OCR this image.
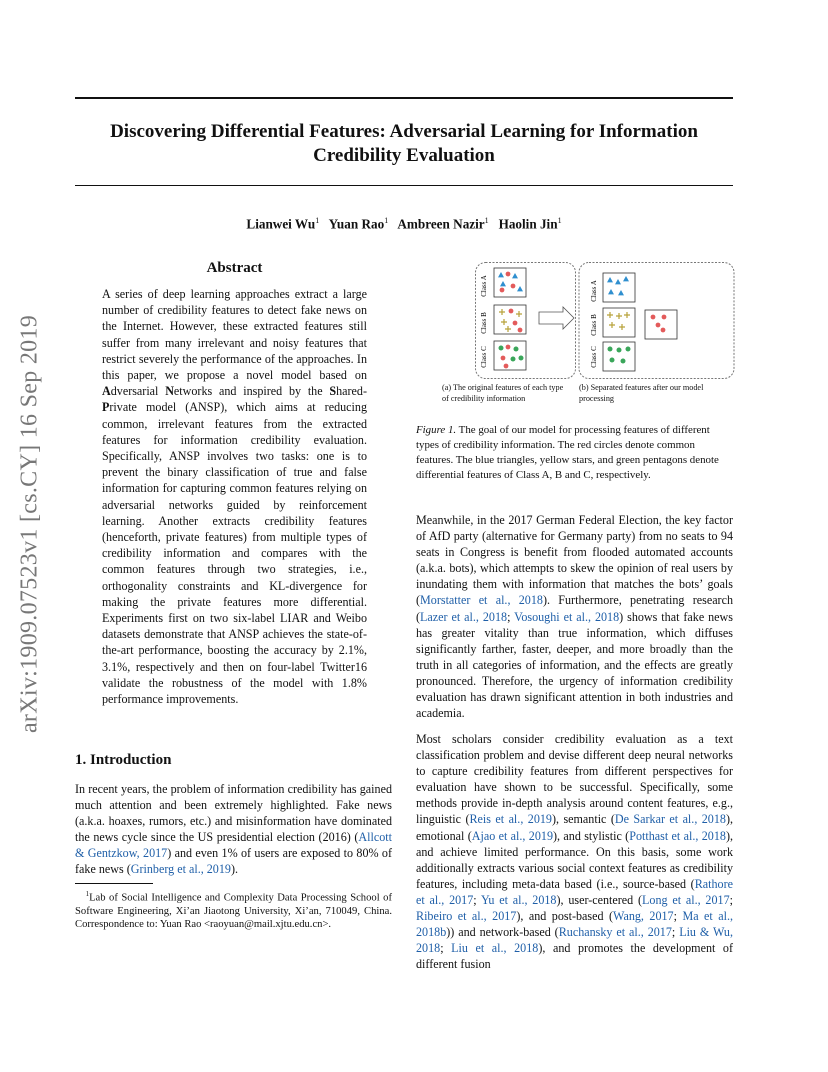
Discovering Differential Features: Adversarial Learning for Information
Credibility Evaluation
Lianwei Wu$^1$ Yuan Rao$^1$ Ambreen Nazir$^1$ Haolin Jin$^1$
arXiv:1909.07523v1 [cs.CY] 16 Sep 2019
Abstract
A series of deep learning approaches extract a large number of credibility features to detect fake news on the Internet. However, these extracted features still suffer from many irrelevant and noisy features that restrict severely the performance of the approaches. In this paper, we propose a novel model based on Adversarial Networks and inspired by the Shared-Private model (ANSP), which aims at reducing common, irrelevant features from the extracted features for information credibility evaluation. Specifically, ANSP involves two tasks: one is to prevent the binary classification of true and false information for capturing common features relying on adversarial networks guided by reinforcement learning. Another extracts credibility features (henceforth, private features) from multiple types of credibility information and compares with the common features through two strategies, i.e., orthogonality constraints and KL-divergence for making the private features more differential. Experiments first on two six-label LIAR and Weibo datasets demonstrate that ANSP achieves the state-of-the-art performance, boosting the accuracy by 2.1%, 3.1%, respectively and then on four-label Twitter16 validate the robustness of the model with 1.8% performance improvements.
1. Introduction
In recent years, the problem of information credibility has gained much attention and been extremely highlighted. Fake news (a.k.a. hoaxes, rumors, etc.) and misinformation have dominated the news cycle since the US presidential election (2016) (Allcott & Gentzkow, 2017) and even 1% of users are exposed to 80% of fake news (Grinberg et al., 2019).
$^1$Lab of Social Intelligence and Complexity Data Processing School of Software Engineering, Xi’an Jiaotong University, Xi’an, 710049, China. Correspondence to: Yuan Rao <raoyuan@mail.xjtu.edu.cn>.
Class A
Class B
Class C
Class A
Class B
Class C
(a) The original features of each type of credibility information
(b) Separated features after our model processing
Figure 1. The goal of our model for processing features of different types of credibility information. The red circles denote common features. The blue triangles, yellow stars, and green pentagons denote differential features of Class A, B and C, respectively.
Meanwhile, in the 2017 German Federal Election, the key factor of AfD party (alternative for Germany party) from no seats to 94 seats in Congress is benefit from flooded automated accounts (a.k.a. bots), which attempts to skew the opinion of real users by inundating them with information that matches the bots’ goals (Morstatter et al., 2018). Furthermore, penetrating research (Lazer et al., 2018; Vosoughi et al., 2018) shows that fake news has greater vitality than true information, which diffuses significantly farther, faster, deeper, and more broadly than the truth in all categories of information, and the effects are greatly pronounced. Therefore, the urgency of information credibility evaluation has drawn significant attention in both industries and academia.
Most scholars consider credibility evaluation as a text classification problem and devise different deep neural networks to capture credibility features from different perspectives for evaluation have shown to be successful. Specifically, some methods provide in-depth analysis around content features, e.g., linguistic (Reis et al., 2019), semantic (De Sarkar et al., 2018), emotional (Ajao et al., 2019), and stylistic (Potthast et al., 2018), and achieve limited performance. On this basis, some work additionally extracts various social context features as credibility features, including meta-data based (i.e., source-based (Rathore et al., 2017; Yu et al., 2018), user-centered (Long et al., 2017; Ribeiro et al., 2017), and post-based (Wang, 2017; Ma et al., 2018b)) and network-based (Ruchansky et al., 2017; Liu & Wu, 2018; Liu et al., 2018), and promotes the development of different fusion
